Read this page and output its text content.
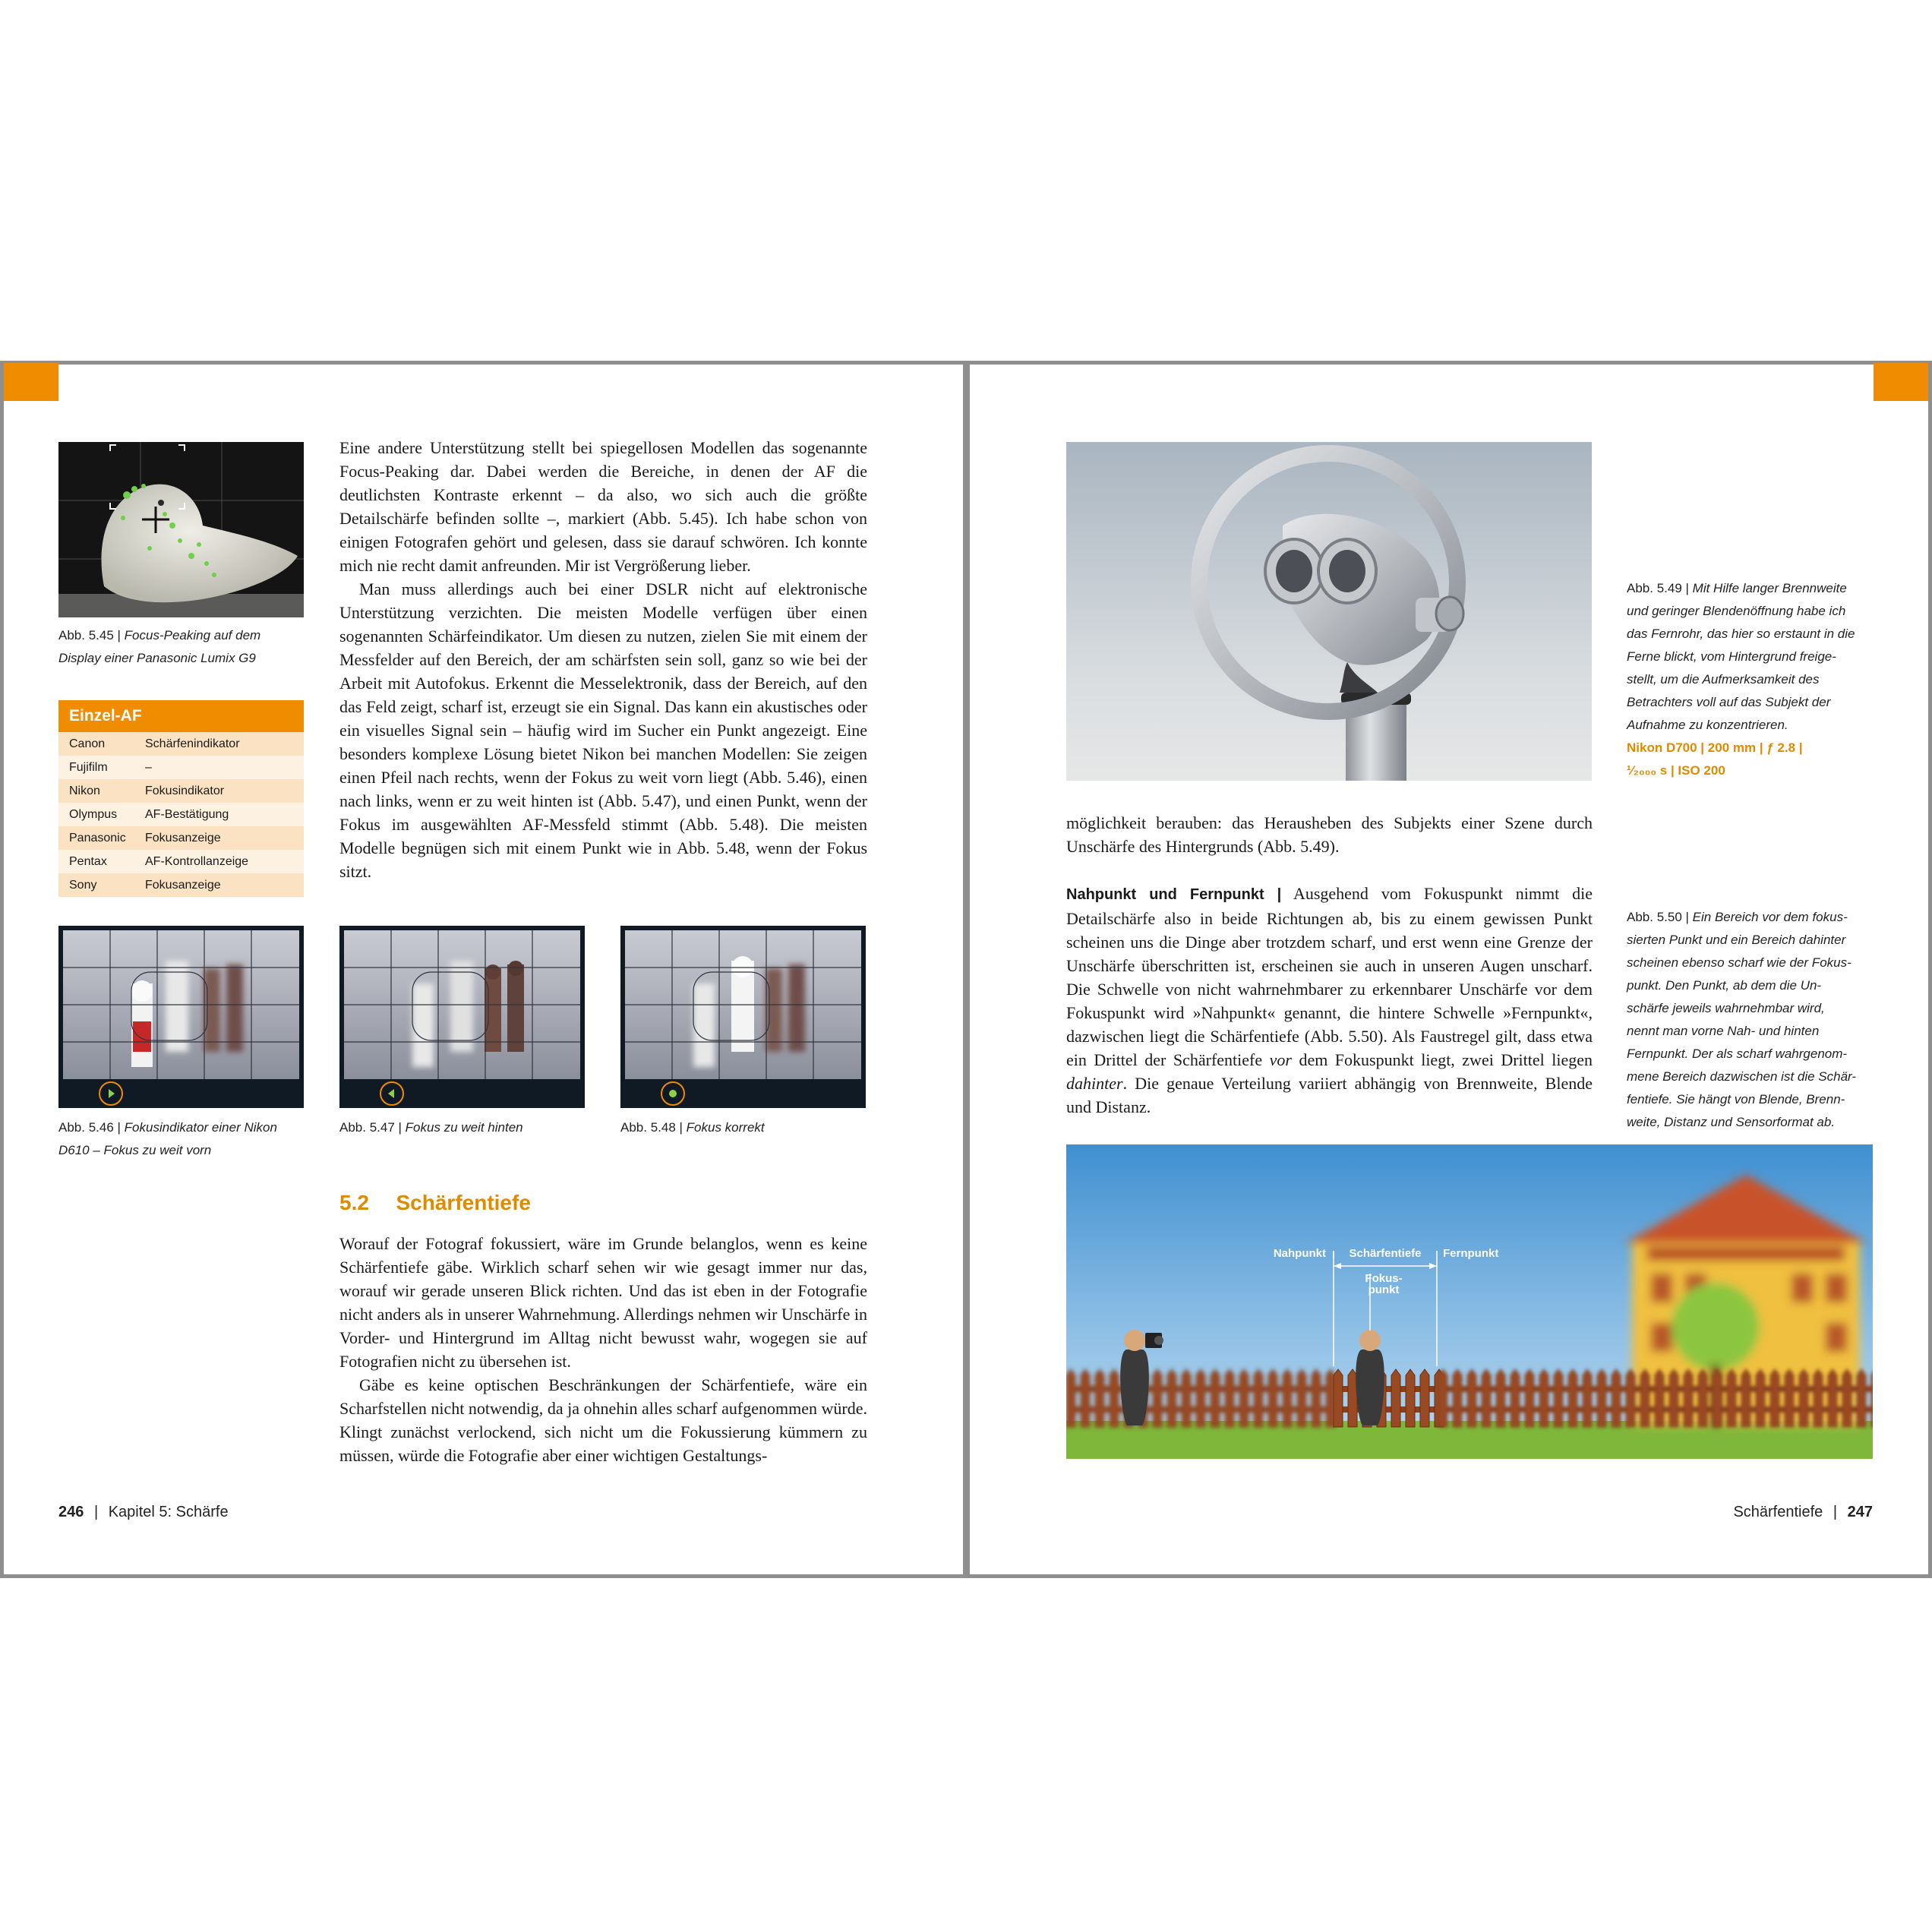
Abb. 5.45 | Focus-Peaking auf dem
Display einer Panasonic Lumix G9
Einzel-AF
Canon	Schärfenindikator
Fujifilm	–
Nikon	Fokusindikator
Olympus	AF-Bestätigung
Panasonic	Fokusanzeige
Pentax	AF-Kontrollanzeige
Sony	Fokusanzeige

Eine andere Unterstützung stellt bei spiegellosen Modellen das sogenannte Focus-Peaking dar. Dabei werden die Bereiche, in denen der AF die deutlichsten Kontraste erkennt – da also, wo sich auch die größte Detailschärfe befinden sollte –, markiert (Abb. 5.45). Ich habe schon von einigen Fotografen gehört und gelesen, dass sie darauf schwören. Ich konnte mich nie recht damit anfreunden. Mir ist Vergrößerung lieber.

Man muss allerdings auch bei einer DSLR nicht auf elektronische Unterstützung verzichten. Die meisten Modelle verfügen über einen sogenannten Schärfeindikator. Um diesen zu nutzen, zielen Sie mit einem der Messfelder auf den Bereich, der am schärfsten sein soll, ganz so wie bei der Arbeit mit Autofokus. Erkennt die Messelektronik, dass der Bereich, auf den das Feld zeigt, scharf ist, erzeugt sie ein Signal. Das kann ein akustisches oder ein visuelles Signal sein – häufig wird im Sucher ein Punkt angezeigt. Eine besonders komplexe Lösung bietet Nikon bei manchen Modellen: Sie zeigen einen Pfeil nach rechts, wenn der Fokus zu weit vorn liegt (Abb. 5.46), einen nach links, wenn er zu weit hinten ist (Abb. 5.47), und einen Punkt, wenn der Fokus im ausgewählten AF-Messfeld stimmt (Abb. 5.48). Die meisten Modelle begnügen sich mit einem Punkt wie in Abb. 5.48, wenn der Fokus sitzt.

Abb. 5.46 | Fokusindikator einer Nikon
D610 – Fokus zu weit vorn
Abb. 5.47 | Fokus zu weit hinten	Abb. 5.48 | Fokus korrekt
5.2 Schärfentiefe

Worauf der Fotograf fokussiert, wäre im Grunde belanglos, wenn es keine Schärfentiefe gäbe. Wirklich scharf sehen wir wie gesagt immer nur das, worauf wir gerade unseren Blick richten. Und das ist eben in der Fotografie nicht anders als in unserer Wahrnehmung. Allerdings nehmen wir Unschärfe in Vorder- und Hintergrund im Alltag nicht bewusst wahr, wogegen sie auf Fotografien nicht zu übersehen ist.

Gäbe es keine optischen Beschränkungen der Schärfentiefe, wäre ein Scharfstellen nicht notwendig, da ja ohnehin alles scharf aufgenommen würde. Klingt zunächst verlockend, sich nicht um die Fokussierung kümmern zu müssen, würde die Fotografie aber einer wichtigen Gestaltungs-

246 | Kapitel 5: Schärfe
Abb. 5.49 | Mit Hilfe langer Brennweite
und geringer Blendenöffnung habe ich
das Fernrohr, das hier so erstaunt in die
Ferne blickt, vom Hintergrund freige-
stellt, um die Aufmerksamkeit des
Betrachters voll auf das Subjekt der
Aufnahme zu konzentrieren.
Nikon D700 | 200 mm | ƒ 2.8 |
¹⁄₂₀₀₀ s | ISO 200

möglichkeit berauben: das Herausheben des Subjekts einer Szene durch Unschärfe des Hintergrunds (Abb. 5.49).

Nahpunkt und Fernpunkt | Ausgehend vom Fokuspunkt nimmt die Detailschärfe also in beide Richtungen ab, bis zu einem gewissen Punkt scheinen uns die Dinge aber trotzdem scharf, und erst wenn eine Grenze der Unschärfe überschritten ist, erscheinen sie auch in unseren Augen unscharf. Die Schwelle von nicht wahrnehmbarer zu erkennbarer Unschärfe vor dem Fokuspunkt wird »Nahpunkt« genannt, die hintere Schwelle »Fernpunkt«, dazwischen liegt die Schärfentiefe (Abb. 5.50). Als Faustregel gilt, dass etwa ein Drittel der Schärfentiefe vor dem Fokuspunkt liegt, zwei Drittel liegen dahinter. Die genaue Verteilung variiert abhängig von Brennweite, Blende und Distanz.

Abb. 5.50 | Ein Bereich vor dem fokus-
sierten Punkt und ein Bereich dahinter
scheinen ebenso scharf wie der Fokus-
punkt. Den Punkt, ab dem die Un-
schärfe jeweils wahrnehmbar wird,
nennt man vorne Nah- und hinten
Fernpunkt. Der als scharf wahrgenom-
mene Bereich dazwischen ist die Schär-
fentiefe. Sie hängt von Blende, Brenn-
weite, Distanz und Sensorformat ab.
Nahpunkt Schärfentiefe Fernpunkt
Fokus-
punkt
Schärfentiefe | 247
